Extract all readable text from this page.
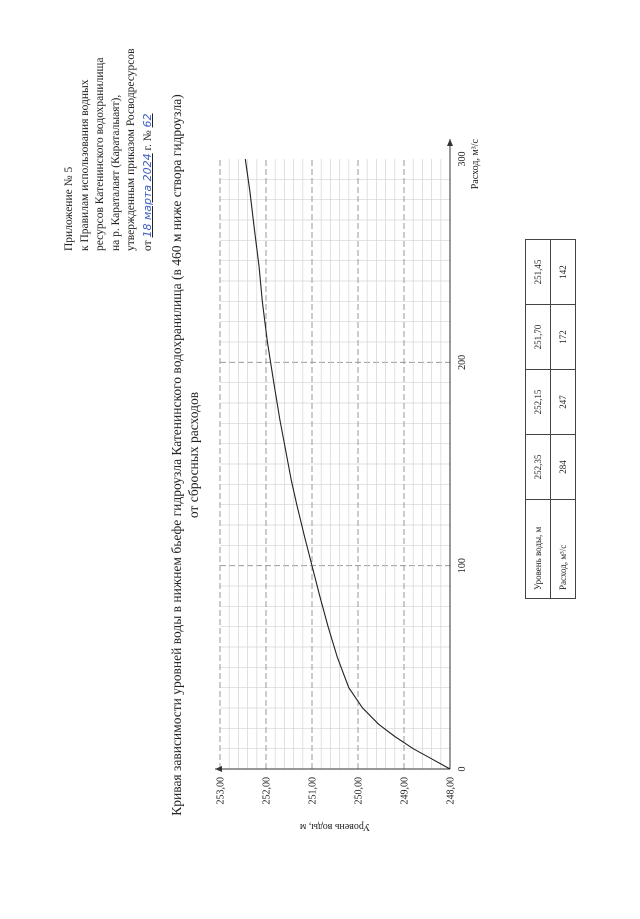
Приложение № 5 к Правилам использования водных ресурсов Катенинского водохранилища на р. Караталаят (Караталыаят), утвержденным приказом Росводресурсов от 18 марта 2024 г. № 62 Кривая зависимости уровней воды в нижнем бьефе гидроузла Катенинского водохранилища (в 460 м ниже створа гидроузла) от сбросных расходов
0
100
200
300
248,00
249,00
250,00
251,00
252,00
253,00
Уровень воды, м
Расход, м³/с
Уровень воды, м	252,35	252,15	251,70	251,45
Расход, м³/с	284	247	172	142
